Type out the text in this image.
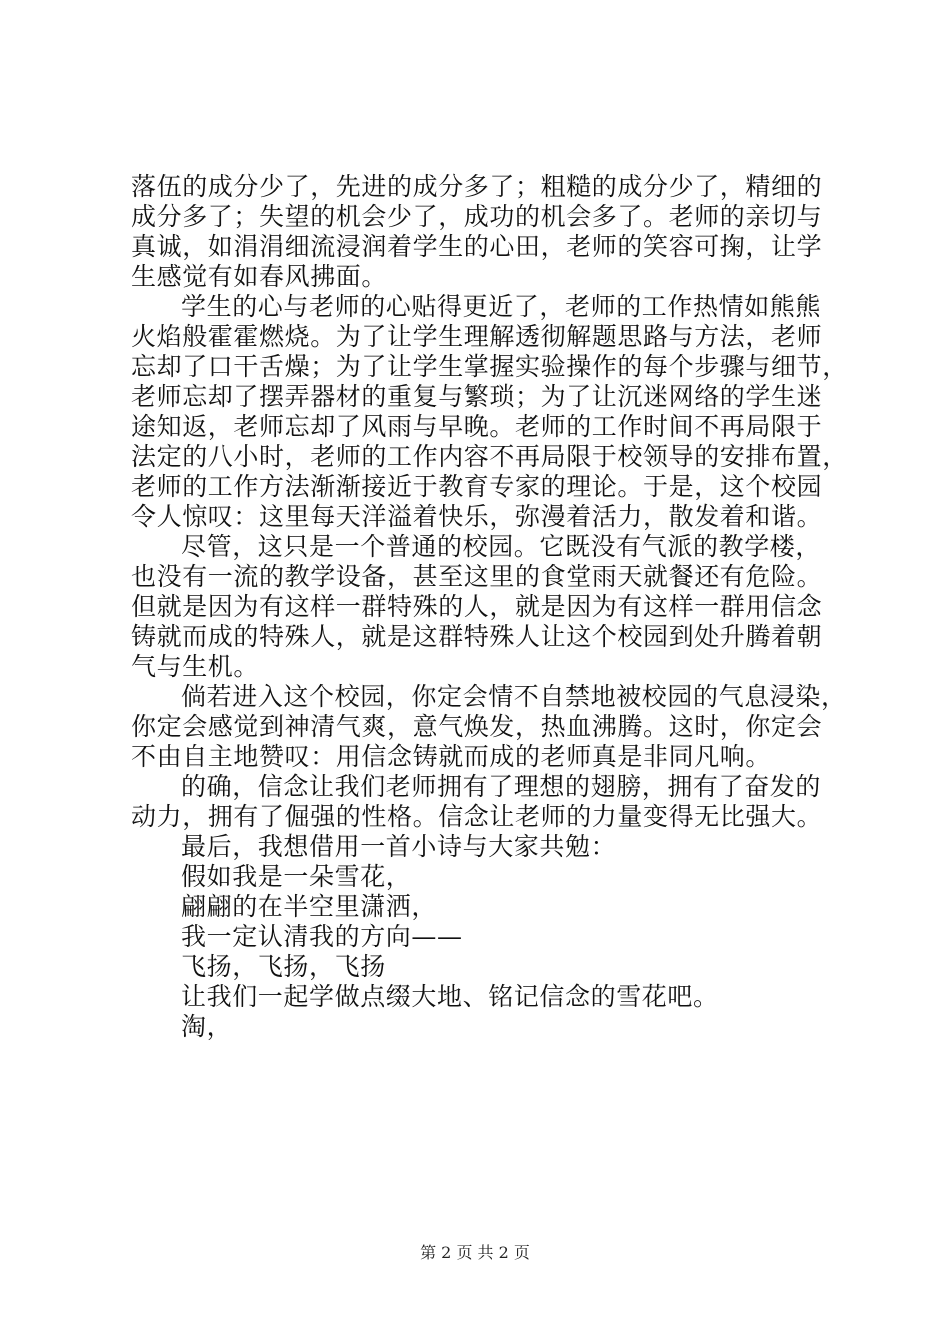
落伍的成分少了，先进的成分多了；粗糙的成分少了，精细的
成分多了；失望的机会少了，成功的机会多了。老师的亲切与
真诚，如涓涓细流浸润着学生的心田，老师的笑容可掬，让学
生感觉有如春风拂面。
学生的心与老师的心贴得更近了，老师的工作热情如熊熊
火焰般霍霍燃烧。为了让学生理解透彻解题思路与方法，老师
忘却了口干舌燥；为了让学生掌握实验操作的每个步骤与细节，
老师忘却了摆弄器材的重复与繁琐；为了让沉迷网络的学生迷
途知返，老师忘却了风雨与早晚。老师的工作时间不再局限于
法定的八小时，老师的工作内容不再局限于校领导的安排布置，
老师的工作方法渐渐接近于教育专家的理论。于是，这个校园
令人惊叹：这里每天洋溢着快乐，弥漫着活力，散发着和谐。
尽管，这只是一个普通的校园。它既没有气派的教学楼，
也没有一流的教学设备，甚至这里的食堂雨天就餐还有危险。
但就是因为有这样一群特殊的人，就是因为有这样一群用信念
铸就而成的特殊人，就是这群特殊人让这个校园到处升腾着朝
气与生机。
倘若进入这个校园，你定会情不自禁地被校园的气息浸染，
你定会感觉到神清气爽，意气焕发，热血沸腾。这时，你定会
不由自主地赞叹：用信念铸就而成的老师真是非同凡响。
的确，信念让我们老师拥有了理想的翅膀，拥有了奋发的
动力，拥有了倔强的性格。信念让老师的力量变得无比强大。
最后，我想借用一首小诗与大家共勉：
假如我是一朵雪花，
翩翩的在半空里潇洒，
我一定认清我的方向——
飞扬，飞扬，飞扬
让我们一起学做点缀大地、铭记信念的雪花吧。
淘，
第 2 页 共 2 页
